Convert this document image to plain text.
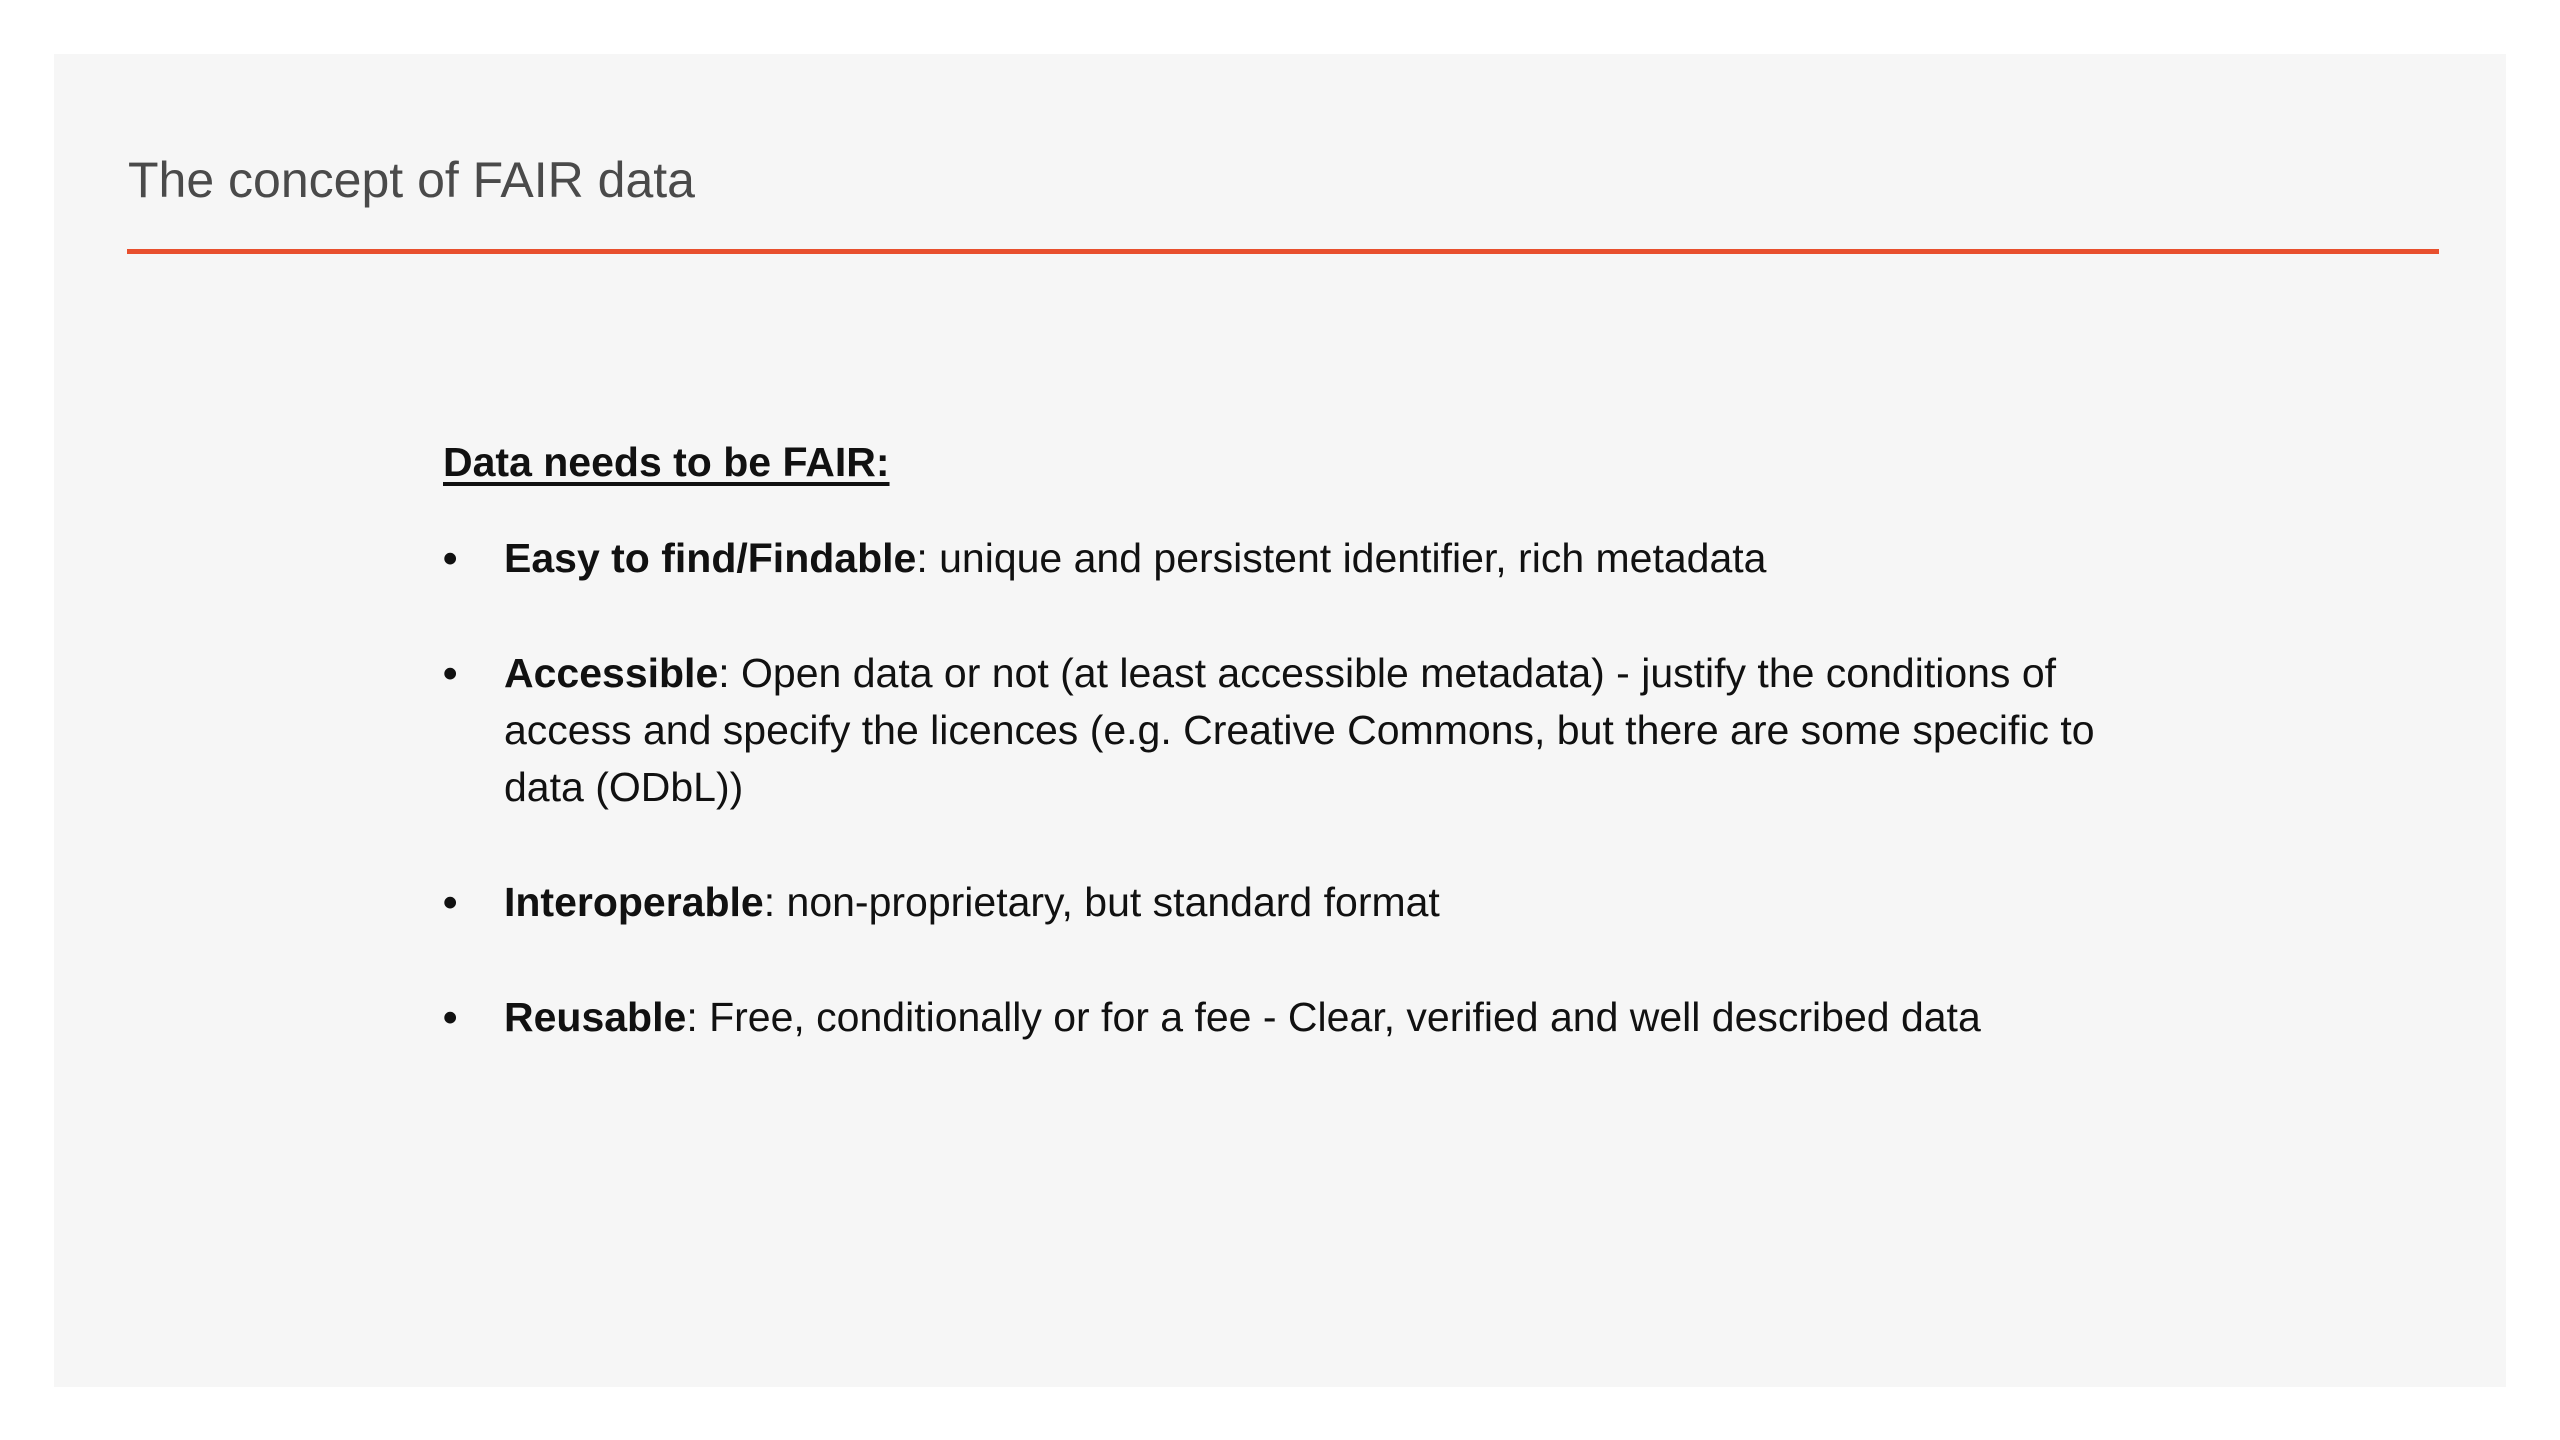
The concept of FAIR data

Data needs to be FAIR:

• Easy to find/Findable: unique and persistent identifier, rich metadata
• Accessible: Open data or not (at least accessible metadata) - justify the conditions of access and specify the licences (e.g. Creative Commons, but there are some specific to data (ODbL))
• Interoperable: non-proprietary, but standard format
• Reusable: Free, conditionally or for a fee - Clear, verified and well described data
